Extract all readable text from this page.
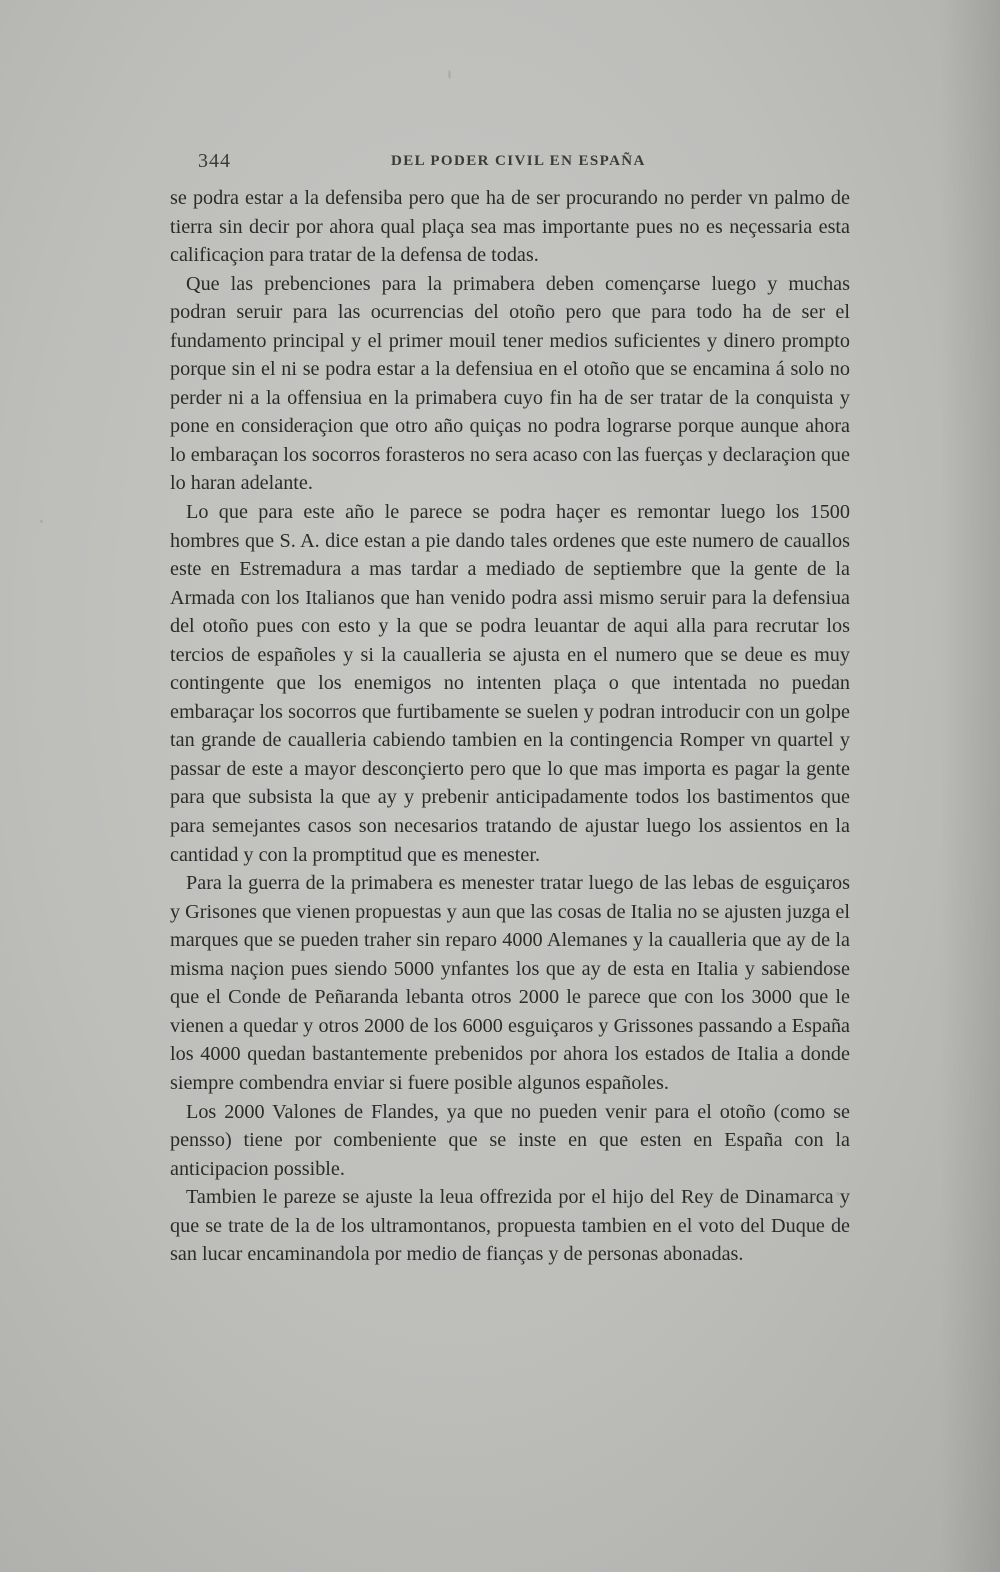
344	DEL PODER CIVIL EN ESPAÑA

se podra estar a la defensiba pero que ha de ser procurando no perder vn palmo de tierra sin decir por ahora qual plaça sea mas importante pues no es neçessaria esta calificaçion para tratar de la defensa de todas.

Que las prebenciones para la primabera deben començarse luego y muchas podran seruir para las ocurrencias del otoño pero que para todo ha de ser el fundamento principal y el primer mouil tener medios suficientes y dinero prompto porque sin el ni se podra estar a la defensiua en el otoño que se encamina á solo no perder ni a la offensiua en la primabera cuyo fin ha de ser tratar de la conquista y pone en consideraçion que otro año quiças no podra lograrse porque aunque ahora lo embaraçan los socorros forasteros no sera acaso con las fuerças y declaraçion que lo haran adelante.

Lo que para este año le parece se podra haçer es remontar luego los 1500 hombres que S. A. dice estan a pie dando tales ordenes que este numero de cauallos este en Estremadura a mas tardar a mediado de septiembre que la gente de la Armada con los Italianos que han venido podra assi mismo seruir para la defensiua del otoño pues con esto y la que se podra leuantar de aqui alla para recrutar los tercios de españoles y si la caualleria se ajusta en el numero que se deue es muy contingente que los enemigos no intenten plaça o que intentada no puedan embaraçar los socorros que furtibamente se suelen y podran introducir con un golpe tan grande de caualleria cabiendo tambien en la contingencia Romper vn quartel y passar de este a mayor desconçierto pero que lo que mas importa es pagar la gente para que subsista la que ay y prebenir anticipadamente todos los bastimentos que para semejantes casos son necesarios tratando de ajustar luego los assientos en la cantidad y con la promptitud que es menester.

Para la guerra de la primabera es menester tratar luego de las lebas de esguiçaros y Grisones que vienen propuestas y aun que las cosas de Italia no se ajusten juzga el marques que se pueden traher sin reparo 4000 Alemanes y la caualleria que ay de la misma naçion pues siendo 5000 ynfantes los que ay de esta en Italia y sabiendose que el Conde de Peñaranda lebanta otros 2000 le parece que con los 3000 que le vienen a quedar y otros 2000 de los 6000 esguiçaros y Grissones passando a España los 4000 quedan bastantemente prebenidos por ahora los estados de Italia a donde siempre combendra enviar si fuere posible algunos españoles.

Los 2000 Valones de Flandes, ya que no pueden venir para el otoño (como se pensso) tiene por combeniente que se inste en que esten en España con la anticipacion possible.

Tambien le pareze se ajuste la leua offrezida por el hijo del Rey de Dinamarca y que se trate de la de los ultramontanos, propuesta tambien en el voto del Duque de san lucar encaminandola por medio de fianças y de personas abonadas.
